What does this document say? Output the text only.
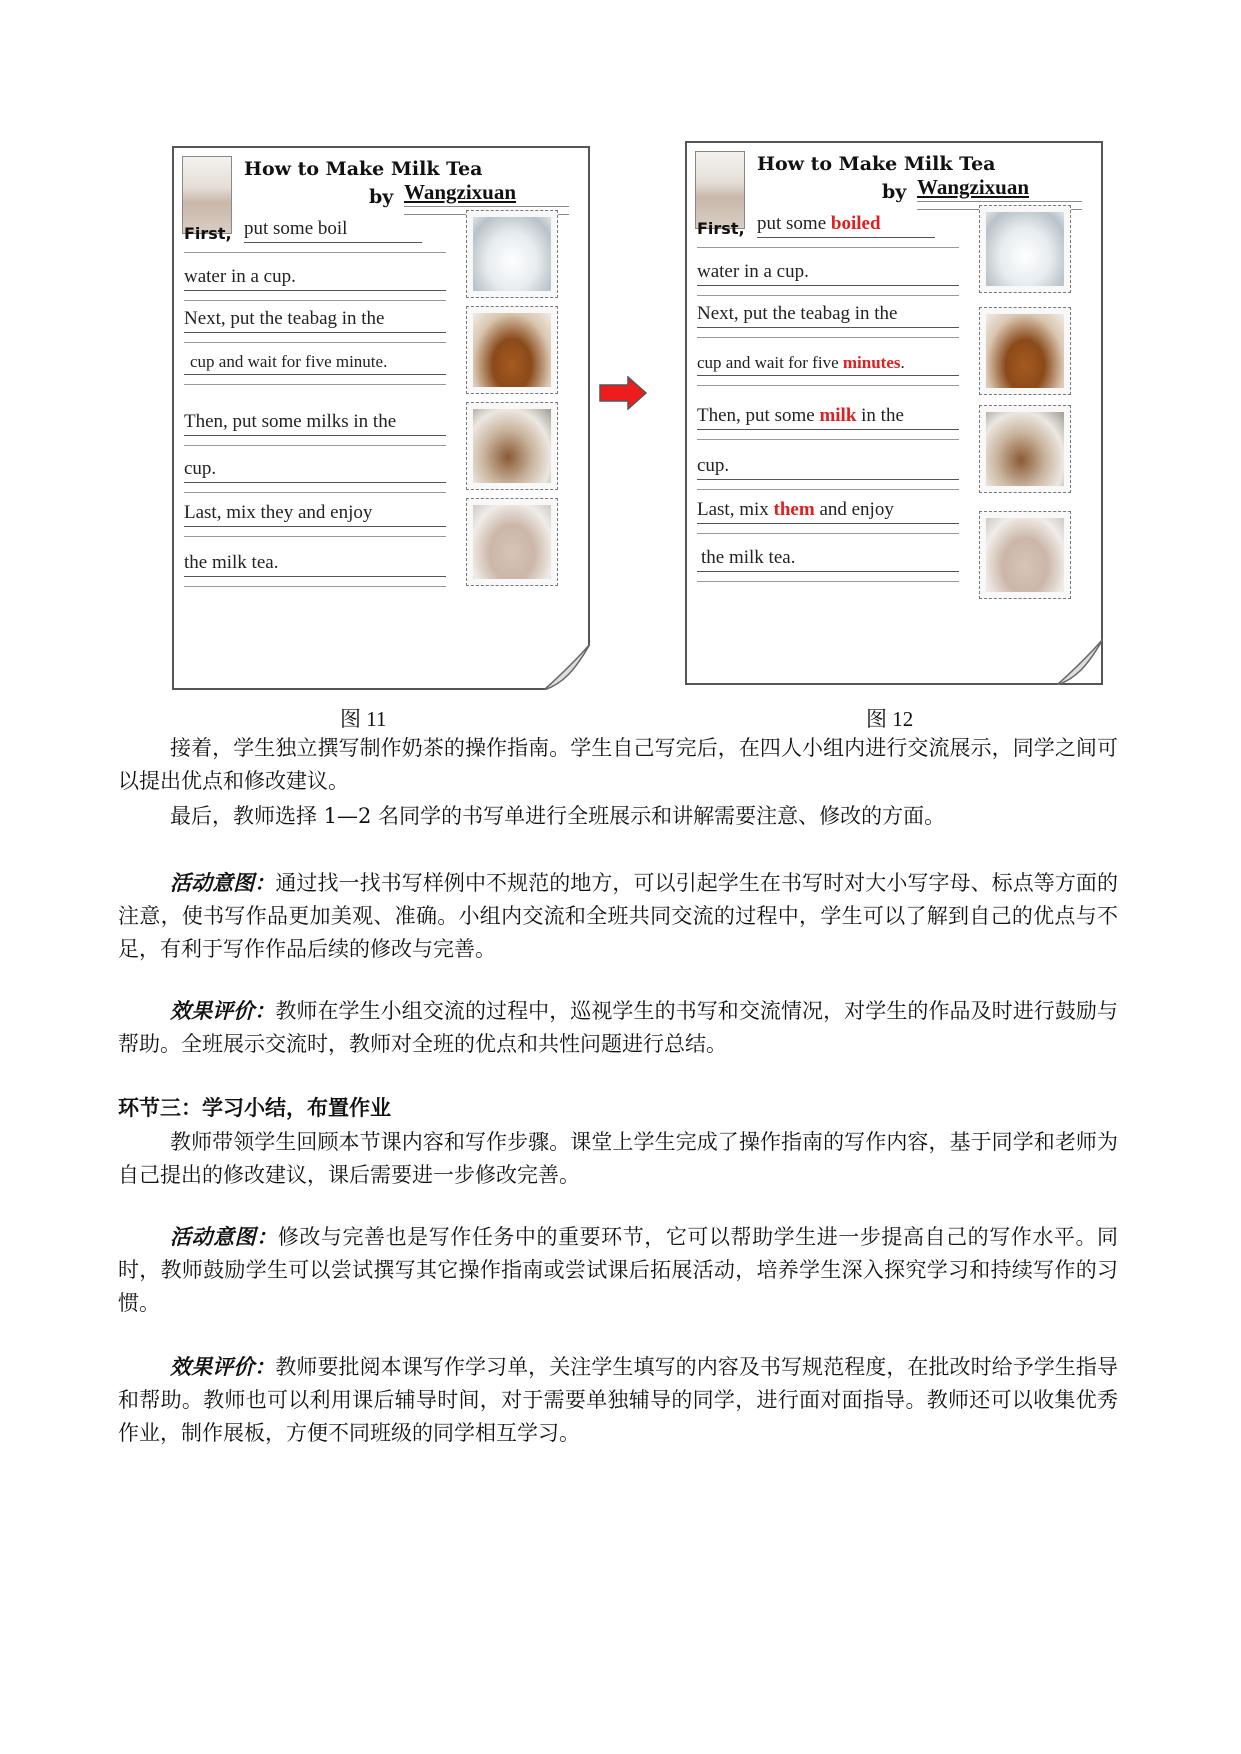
How to Make Milk Tea
by Wangzixuan
First, put some boil
water in a cup.
Next, put the teabag in the
cup and wait for five minute.
Then, put some milks in the
cup.
Last, mix they and enjoy
the milk tea.
How to Make Milk Tea
by Wangzixuan
First, put some boiled
water in a cup.
Next, put the teabag in the
cup and wait for five minutes.
Then, put some milk in the
cup.
Last, mix them and enjoy
the milk tea.
图 11	图 12
接着，学生独立撰写制作奶茶的操作指南。学生自己写完后，在四人小组内进行交流展示，同学之间可以提出优点和修改建议。
最后，教师选择 1—2 名同学的书写单进行全班展示和讲解需要注意、修改的方面。
活动意图：通过找一找书写样例中不规范的地方，可以引起学生在书写时对大小写字母、标点等方面的注意，使书写作品更加美观、准确。小组内交流和全班共同交流的过程中，学生可以了解到自己的优点与不足，有利于写作作品后续的修改与完善。
效果评价：教师在学生小组交流的过程中，巡视学生的书写和交流情况，对学生的作品及时进行鼓励与帮助。全班展示交流时，教师对全班的优点和共性问题进行总结。
环节三：学习小结，布置作业
教师带领学生回顾本节课内容和写作步骤。课堂上学生完成了操作指南的写作内容，基于同学和老师为自己提出的修改建议，课后需要进一步修改完善。
活动意图：修改与完善也是写作任务中的重要环节，它可以帮助学生进一步提高自己的写作水平。同时，教师鼓励学生可以尝试撰写其它操作指南或尝试课后拓展活动，培养学生深入探究学习和持续写作的习惯。
效果评价：教师要批阅本课写作学习单，关注学生填写的内容及书写规范程度，在批改时给予学生指导和帮助。教师也可以利用课后辅导时间，对于需要单独辅导的同学，进行面对面指导。教师还可以收集优秀作业，制作展板，方便不同班级的同学相互学习。
